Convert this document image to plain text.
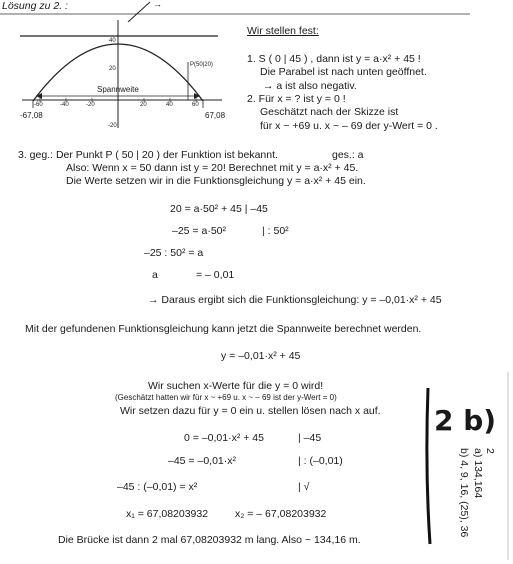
Lösung zu 2. :	→
40
20
-20
-60	-40	-20	20	40	60
P(50|20)
Spannweite
-67,08	67,08
Wir stellen fest:
1. S ( 0 | 45 ) , dann ist y = a·x² + 45 !
Die Parabel ist nach unten geöffnet.
→ a ist also negativ.
2. Für x = ? ist y = 0 !
Geschätzt nach der Skizze ist
für x ~ +69 u. x ~ – 69 der y-Wert = 0 .
3. geg.: Der Punkt P ( 50 | 20 ) der Funktion ist bekannt.	ges.: a
Also: Wenn x = 50 dann ist y = 20! Berechnet mit y = a·x² + 45.
Die Werte setzen wir in die Funktionsgleichung y = a·x² + 45 ein.
20 = a·50² + 45 | –45
–25 = a·50²	| : 50²
–25 : 50² = a
a	= – 0,01
→ Daraus ergibt sich die Funktionsgleichung: y = –0,01·x² + 45
Mit der gefundenen Funktionsgleichung kann jetzt die Spannweite berechnet werden.
y = –0,01·x² + 45
Wir suchen x-Werte für die y = 0 wird!
(Geschätzt hatten wir für x ~ +69 u. x ~ – 69 ist der y-Wert = 0)
Wir setzen dazu für y = 0 ein u. stellen lösen nach x auf.
0 = –0,01·x² + 45	| –45
–45 = –0,01·x²	| : (–0,01)
–45 : (–0,01) = x²	| √
x₁ = 67,08203932	x₂ = – 67,08203932
Die Brücke ist dann 2 mal 67,08203932 m lang. Also ~ 134,16 m.
2 b)
2
a) 134,164
b) 4, 9, 16, (25), 36
